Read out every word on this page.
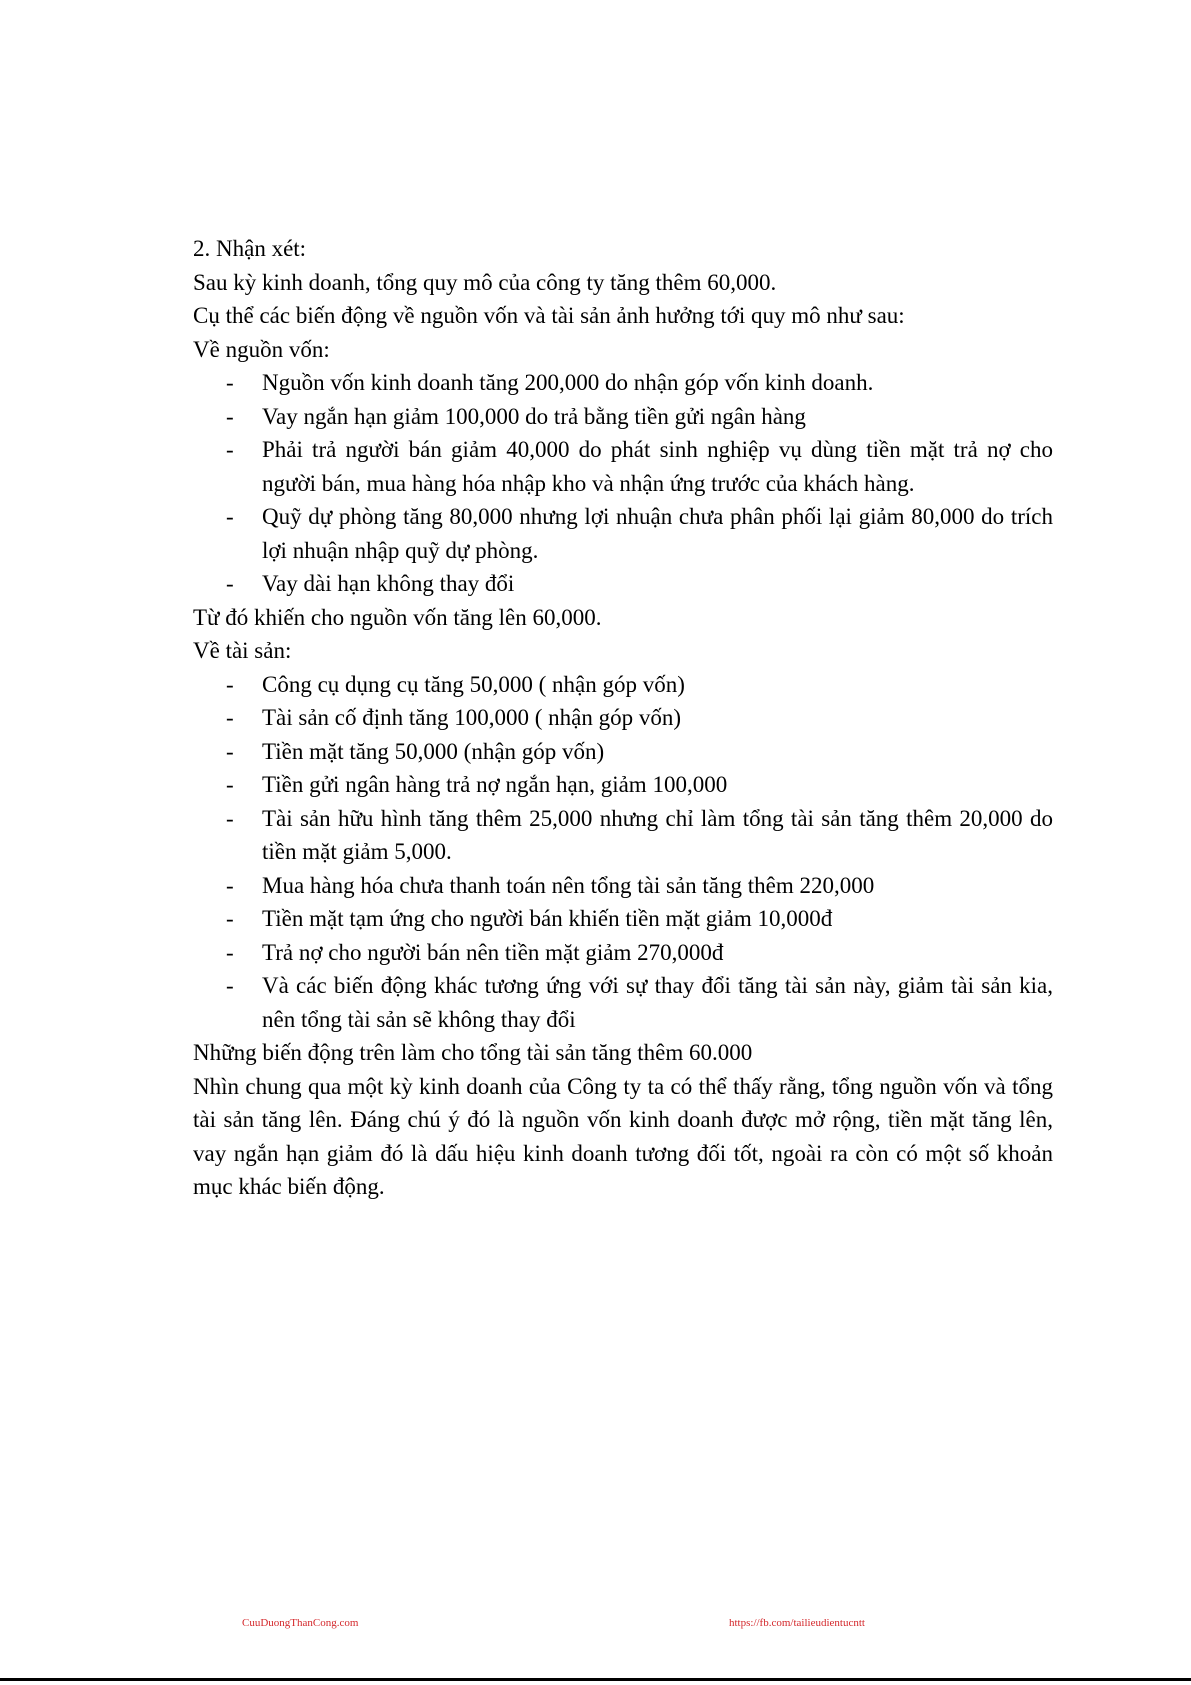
2. Nhận xét:

Sau kỳ kinh doanh, tổng quy mô của công ty tăng thêm 60,000.

Cụ thể các biến động về nguồn vốn và tài sản ảnh hưởng tới quy mô như sau:

Về nguồn vốn:

- Nguồn vốn kinh doanh tăng 200,000 do nhận góp vốn kinh doanh.
- Vay ngắn hạn giảm 100,000 do trả bằng tiền gửi ngân hàng
- Phải trả người bán giảm 40,000 do phát sinh nghiệp vụ dùng tiền mặt trả nợ cho người bán, mua hàng hóa nhập kho và nhận ứng trước của khách hàng.
- Quỹ dự phòng tăng 80,000 nhưng lợi nhuận chưa phân phối lại giảm 80,000 do trích lợi nhuận nhập quỹ dự phòng.
- Vay dài hạn không thay đổi

Từ đó khiến cho nguồn vốn tăng lên 60,000.

Về tài sản:

- Công cụ dụng cụ tăng 50,000 ( nhận góp vốn)
- Tài sản cố định tăng 100,000 ( nhận góp vốn)
- Tiền mặt tăng 50,000 (nhận góp vốn)
- Tiền gửi ngân hàng trả nợ ngắn hạn, giảm 100,000
- Tài sản hữu hình tăng thêm 25,000 nhưng chỉ làm tổng tài sản tăng thêm 20,000 do tiền mặt giảm 5,000.
- Mua hàng hóa chưa thanh toán nên tổng tài sản tăng thêm 220,000
- Tiền mặt tạm ứng cho người bán khiến tiền mặt giảm 10,000đ
- Trả nợ cho người bán nên tiền mặt giảm 270,000đ
- Và các biến động khác tương ứng với sự thay đổi tăng tài sản này, giảm tài sản kia, nên tổng tài sản sẽ không thay đổi

Những biến động trên làm cho tổng tài sản tăng thêm 60.000

Nhìn chung qua một kỳ kinh doanh của Công ty ta có thể thấy rằng, tổng nguồn vốn và tổng tài sản tăng lên. Đáng chú ý đó là nguồn vốn kinh doanh được mở rộng, tiền mặt tăng lên, vay ngắn hạn giảm đó là dấu hiệu kinh doanh tương đối tốt, ngoài ra còn có một số khoản mục khác biến động.

CuuDuongThanCong.com	https://fb.com/tailieudientucntt
